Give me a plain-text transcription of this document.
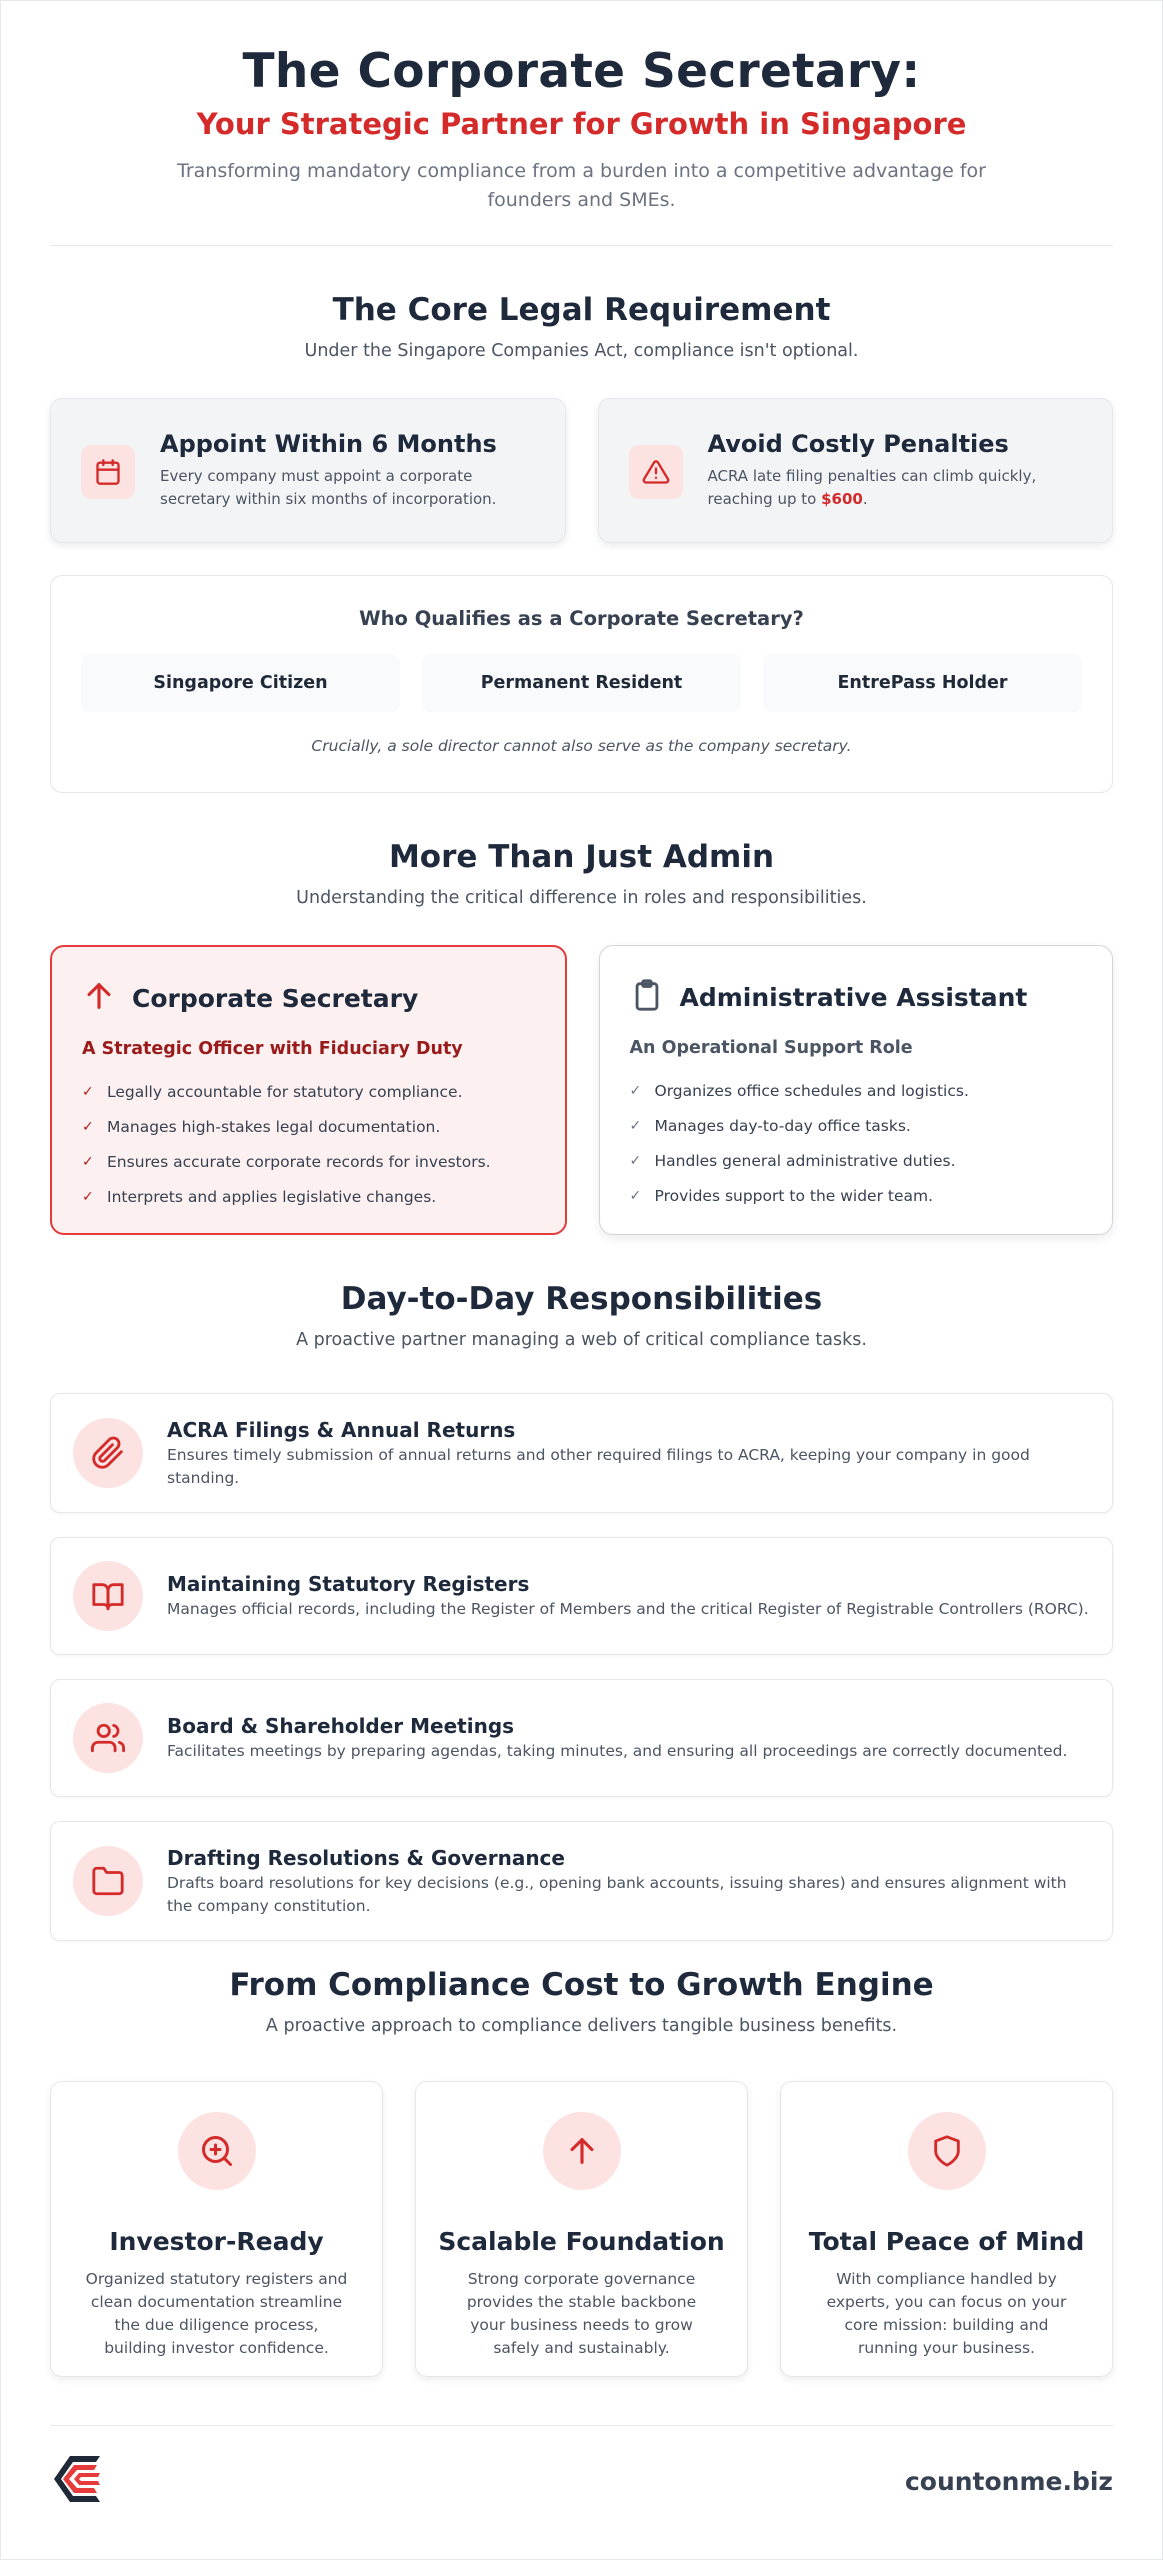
The Corporate Secretary:
Your Strategic Partner for Growth in Singapore

Transforming mandatory compliance from a burden into a competitive advantage for founders and SMEs.

The Core Legal Requirement
Under the Singapore Companies Act, compliance isn't optional.
Appoint Within 6 Months

Every company must appoint a corporate secretary within six months of incorporation.

Avoid Costly Penalties

ACRA late filing penalties can climb quickly, reaching up to $600.

Who Qualifies as a Corporate Secretary?
Singapore Citizen	Permanent Resident	EntrePass Holder
Crucially, a sole director cannot also serve as the company secretary.
More Than Just Admin
Understanding the critical difference in roles and responsibilities.
Corporate Secretary
A Strategic Officer with Fiduciary Duty
✓ Legally accountable for statutory compliance.
✓ Manages high-stakes legal documentation.
✓ Ensures accurate corporate records for investors.
✓ Interprets and applies legislative changes.
Administrative Assistant
An Operational Support Role
✓ Organizes office schedules and logistics.
✓ Manages day-to-day office tasks.
✓ Handles general administrative duties.
✓ Provides support to the wider team.
Day-to-Day Responsibilities
A proactive partner managing a web of critical compliance tasks.
ACRA Filings & Annual Returns

Ensures timely submission of annual returns and other required filings to ACRA, keeping your company in good standing.

Maintaining Statutory Registers

Manages official records, including the Register of Members and the critical Register of Registrable Controllers (RORC).

Board & Shareholder Meetings

Facilitates meetings by preparing agendas, taking minutes, and ensuring all proceedings are correctly documented.

Drafting Resolutions & Governance

Drafts board resolutions for key decisions (e.g., opening bank accounts, issuing shares) and ensures alignment with the company constitution.

From Compliance Cost to Growth Engine
A proactive approach to compliance delivers tangible business benefits.
Investor-Ready

Organized statutory registers and clean documentation streamline the due diligence process, building investor confidence.

Scalable Foundation

Strong corporate governance provides the stable backbone your business needs to grow safely and sustainably.

Total Peace of Mind

With compliance handled by experts, you can focus on your core mission: building and running your business.

countonme.biz
